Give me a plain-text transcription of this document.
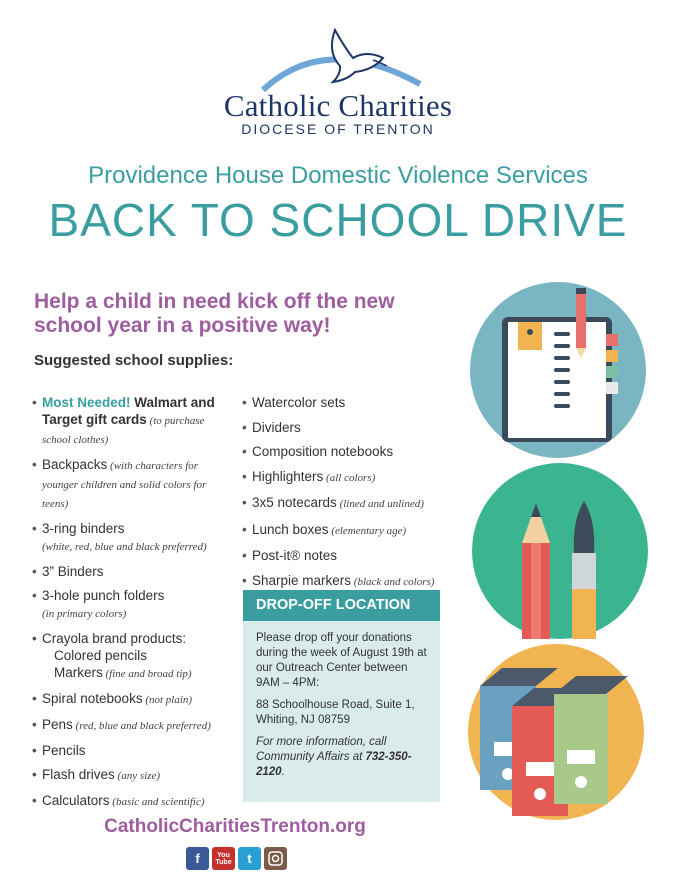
Catholic Charities
DIOCESE OF TRENTON
Providence House Domestic Violence Services
BACK TO SCHOOL DRIVE
Help a child in need kick off the new school year in a positive way!
Suggested school supplies:
• Most Needed! Walmart and Target gift cards (to purchase school clothes)
• Backpacks (with characters for younger children and solid colors for teens)
• 3-ring binders
(white, red, blue and black preferred)
• 3” Binders
• 3-hole punch folders
(in primary colors)
• Crayola brand products:
Colored pencils
Markers (fine and broad tip)
• Spiral notebooks (not plain)
• Pens (red, blue and black preferred)
• Pencils
• Flash drives (any size)
• Calculators (basic and scientific)
• Watercolor sets
• Dividers
• Composition notebooks
• Highlighters (all colors)
• 3x5 notecards (lined and unlined)
• Lunch boxes (elementary age)
• Post-it® notes
• Sharpie markers (black and colors)
DROP-OFF LOCATION

Please drop off your donations during the week of August 19th at our Outreach Center between 9AM – 4PM:

88 Schoolhouse Road, Suite 1, Whiting, NJ 08759

For more information, call Community Affairs at 732-350-2120.

CatholicCharitiesTrenton.org
f	You Tube	t
